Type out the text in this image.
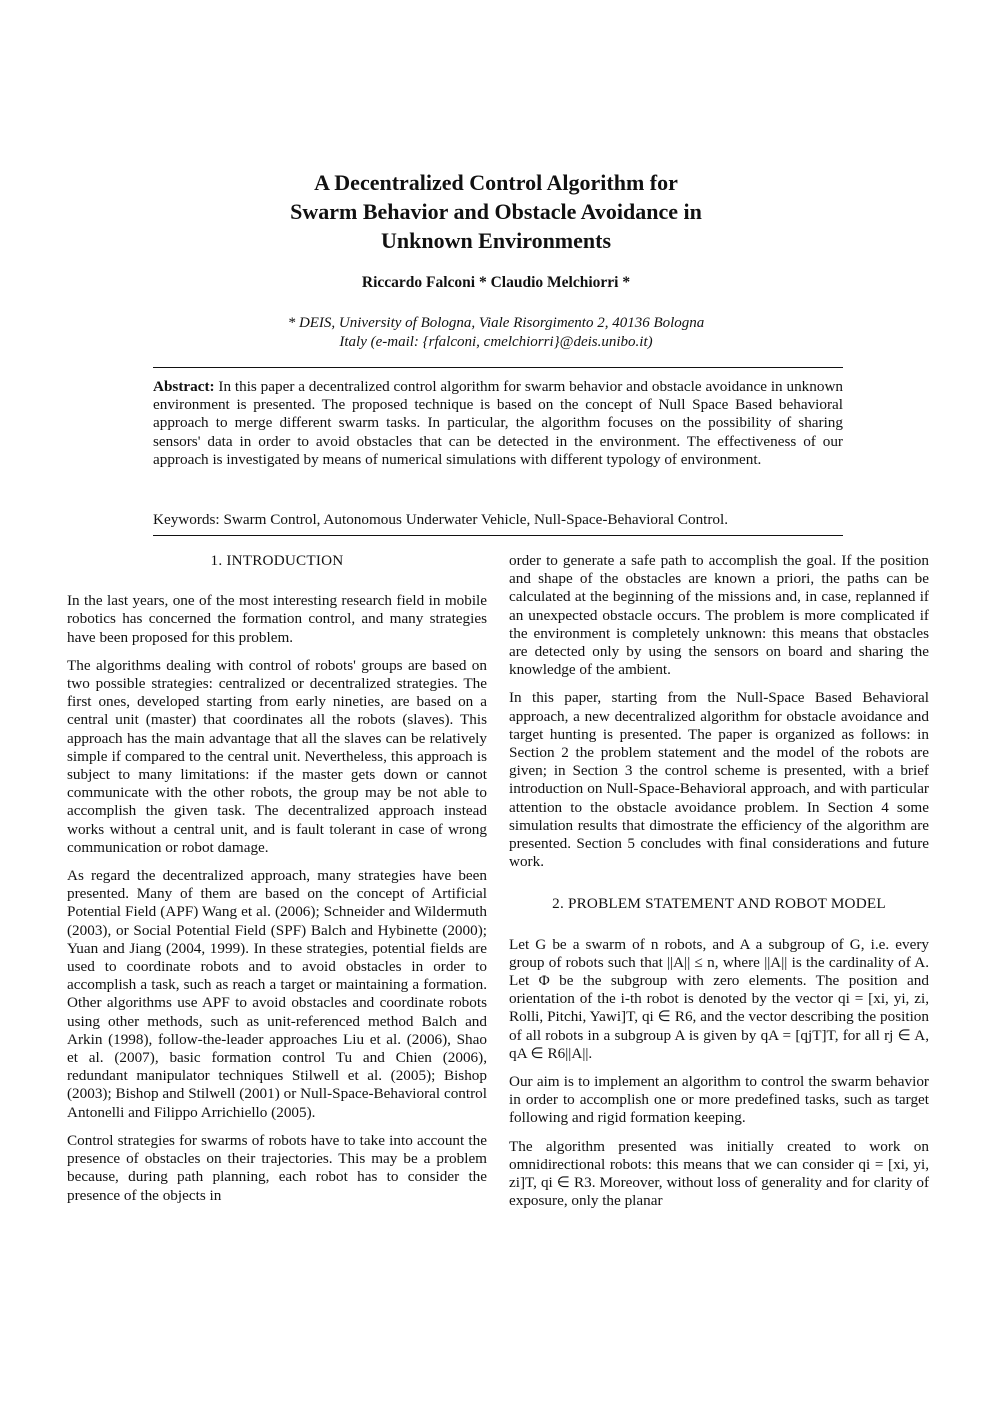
A Decentralized Control Algorithm for
Swarm Behavior and Obstacle Avoidance in
Unknown Environments
Riccardo Falconi * Claudio Melchiorri *
* DEIS, University of Bologna, Viale Risorgimento 2, 40136 Bologna
Italy (e-mail: {rfalconi, cmelchiorri}@deis.unibo.it)
Abstract: In this paper a decentralized control algorithm for swarm behavior and obstacle avoidance in unknown environment is presented. The proposed technique is based on the concept of Null Space Based behavioral approach to merge different swarm tasks. In particular, the algorithm focuses on the possibility of sharing sensors' data in order to avoid obstacles that can be detected in the environment. The effectiveness of our approach is investigated by means of numerical simulations with different typology of environment.
Keywords: Swarm Control, Autonomous Underwater Vehicle, Null-Space-Behavioral Control.
1. INTRODUCTION

In the last years, one of the most interesting research field in mobile robotics has concerned the formation control, and many strategies have been proposed for this problem.

The algorithms dealing with control of robots' groups are based on two possible strategies: centralized or decentralized strategies. The first ones, developed starting from early nineties, are based on a central unit (master) that coordinates all the robots (slaves). This approach has the main advantage that all the slaves can be relatively simple if compared to the central unit. Nevertheless, this approach is subject to many limitations: if the master gets down or cannot communicate with the other robots, the group may be not able to accomplish the given task. The decentralized approach instead works without a central unit, and is fault tolerant in case of wrong communication or robot damage.

As regard the decentralized approach, many strategies have been presented. Many of them are based on the concept of Artificial Potential Field (APF) Wang et al. (2006); Schneider and Wildermuth (2003), or Social Potential Field (SPF) Balch and Hybinette (2000); Yuan and Jiang (2004, 1999). In these strategies, potential fields are used to coordinate robots and to avoid obstacles in order to accomplish a task, such as reach a target or maintaining a formation. Other algorithms use APF to avoid obstacles and coordinate robots using other methods, such as unit-referenced method Balch and Arkin (1998), follow-the-leader approaches Liu et al. (2006), Shao et al. (2007), basic formation control Tu and Chien (2006), redundant manipulator techniques Stilwell et al. (2005); Bishop (2003); Bishop and Stilwell (2001) or Null-Space-Behavioral control Antonelli and Filippo Arrichiello (2005).

Control strategies for swarms of robots have to take into account the presence of obstacles on their trajectories. This may be a problem because, during path planning, each robot has to consider the presence of the objects in

order to generate a safe path to accomplish the goal. If the position and shape of the obstacles are known a priori, the paths can be calculated at the beginning of the missions and, in case, replanned if an unexpected obstacle occurs. The problem is more complicated if the environment is completely unknown: this means that obstacles are detected only by using the sensors on board and sharing the knowledge of the ambient.

In this paper, starting from the Null-Space Based Behavioral approach, a new decentralized algorithm for obstacle avoidance and target hunting is presented. The paper is organized as follows: in Section 2 the problem statement and the model of the robots are given; in Section 3 the control scheme is presented, with a brief introduction on Null-Space-Behavioral approach, and with particular attention to the obstacle avoidance problem. In Section 4 some simulation results that dimostrate the efficiency of the algorithm are presented. Section 5 concludes with final considerations and future work.

2. PROBLEM STATEMENT AND ROBOT MODEL

Let G be a swarm of n robots, and A a subgroup of G, i.e. every group of robots such that ||A|| ≤ n, where ||A|| is the cardinality of A. Let Φ be the subgroup with zero elements. The position and orientation of the i-th robot is denoted by the vector qi = [xi, yi, zi, Rolli, Pitchi, Yawi]T, qi ∈ R6, and the vector describing the position of all robots in a subgroup A is given by qA = [qjT]T, for all rj ∈ A, qA ∈ R6||A||.

Our aim is to implement an algorithm to control the swarm behavior in order to accomplish one or more predefined tasks, such as target following and rigid formation keeping.

The algorithm presented was initially created to work on omnidirectional robots: this means that we can consider qi = [xi, yi, zi]T, qi ∈ R3. Moreover, without loss of generality and for clarity of exposure, only the planar
